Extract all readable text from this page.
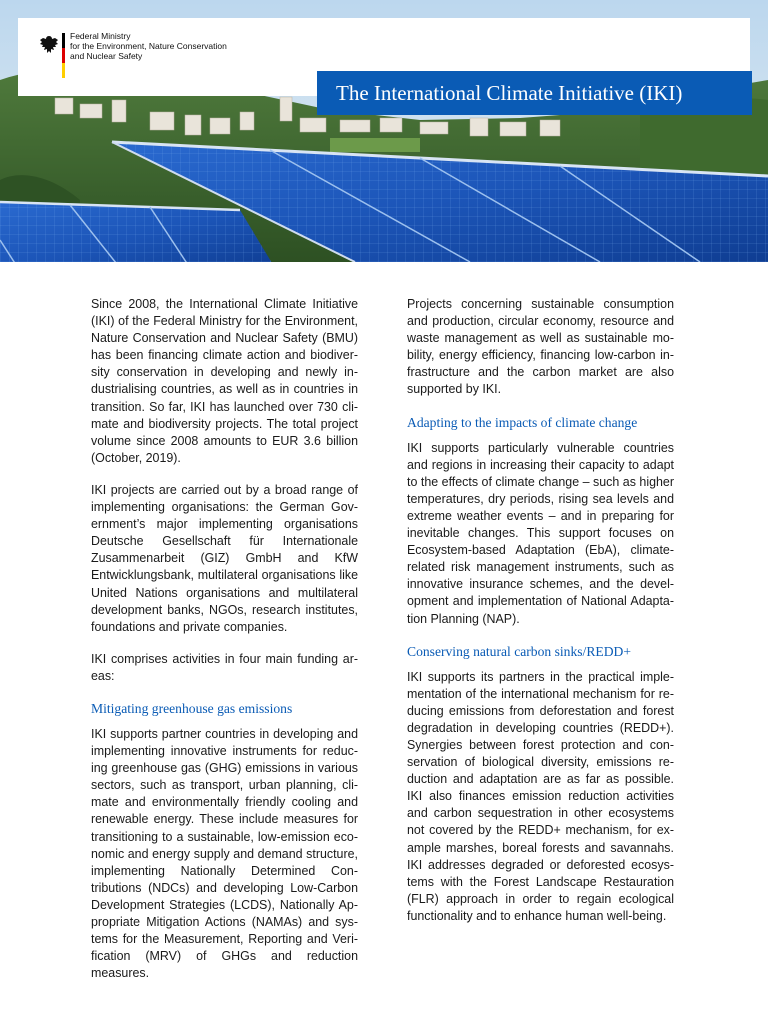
Federal Ministry
for the Environment, Nature Conservation
and Nuclear Safety
The International Climate Initiative (IKI)

Since 2008, the International Climate Initiative (IKI) of the Federal Ministry for the Environment, Nature Conservation and Nuclear Safety (BMU) has been financing climate action and biodiversity conservation in developing and newly industrialising countries, as well as in countries in transition. So far, IKI has launched over 730 climate and biodiversity projects. The total project volume since 2008 amounts to EUR 3.6 billion (October, 2019).

IKI projects are carried out by a broad range of implementing organisations: the German Government’s major implementing organisations Deutsche Gesellschaft für Internationale Zusammenarbeit (GIZ) GmbH and KfW Entwicklungsbank, multilateral organisations like United Nations organisations and multilateral development banks, NGOs, research institutes, foundations and private companies.

IKI comprises activities in four main funding areas:

Mitigating greenhouse gas emissions

IKI supports partner countries in developing and implementing innovative instruments for reducing greenhouse gas (GHG) emissions in various sectors, such as transport, urban planning, climate and environmentally friendly cooling and renewable energy. These include measures for transitioning to a sustainable, low-emission economic and energy supply and demand structure, implementing Nationally Determined Contributions (NDCs) and developing Low-Carbon Development Strategies (LCDS), Nationally Appropriate Mitigation Actions (NAMAs) and systems for the Measurement, Reporting and Verification (MRV) of GHGs and reduction measures.

Projects concerning sustainable consumption and production, circular economy, resource and waste management as well as sustainable mobility, energy efficiency, financing low-carbon infrastructure and the carbon market are also supported by IKI.

Adapting to the impacts of climate change

IKI supports particularly vulnerable countries and regions in increasing their capacity to adapt to the effects of climate change – such as higher temperatures, dry periods, rising sea levels and extreme weather events – and in preparing for inevitable changes. This support focuses on Ecosystem-based Adaptation (EbA), climate-related risk management instruments, such as innovative insurance schemes, and the development and implementation of National Adaptation Planning (NAP).

Conserving natural carbon sinks/REDD+

IKI supports its partners in the practical implementation of the international mechanism for reducing emissions from deforestation and forest degradation in developing countries (REDD+). Synergies between forest protection and conservation of biological diversity, emissions reduction and adaptation are as far as possible. IKI also finances emission reduction activities and carbon sequestration in other ecosystems not covered by the REDD+ mechanism, for example marshes, boreal forests and savannahs. IKI addresses degraded or deforested ecosystems with the Forest Landscape Restauration (FLR) approach in order to regain ecological functionality and to enhance human well-being.
